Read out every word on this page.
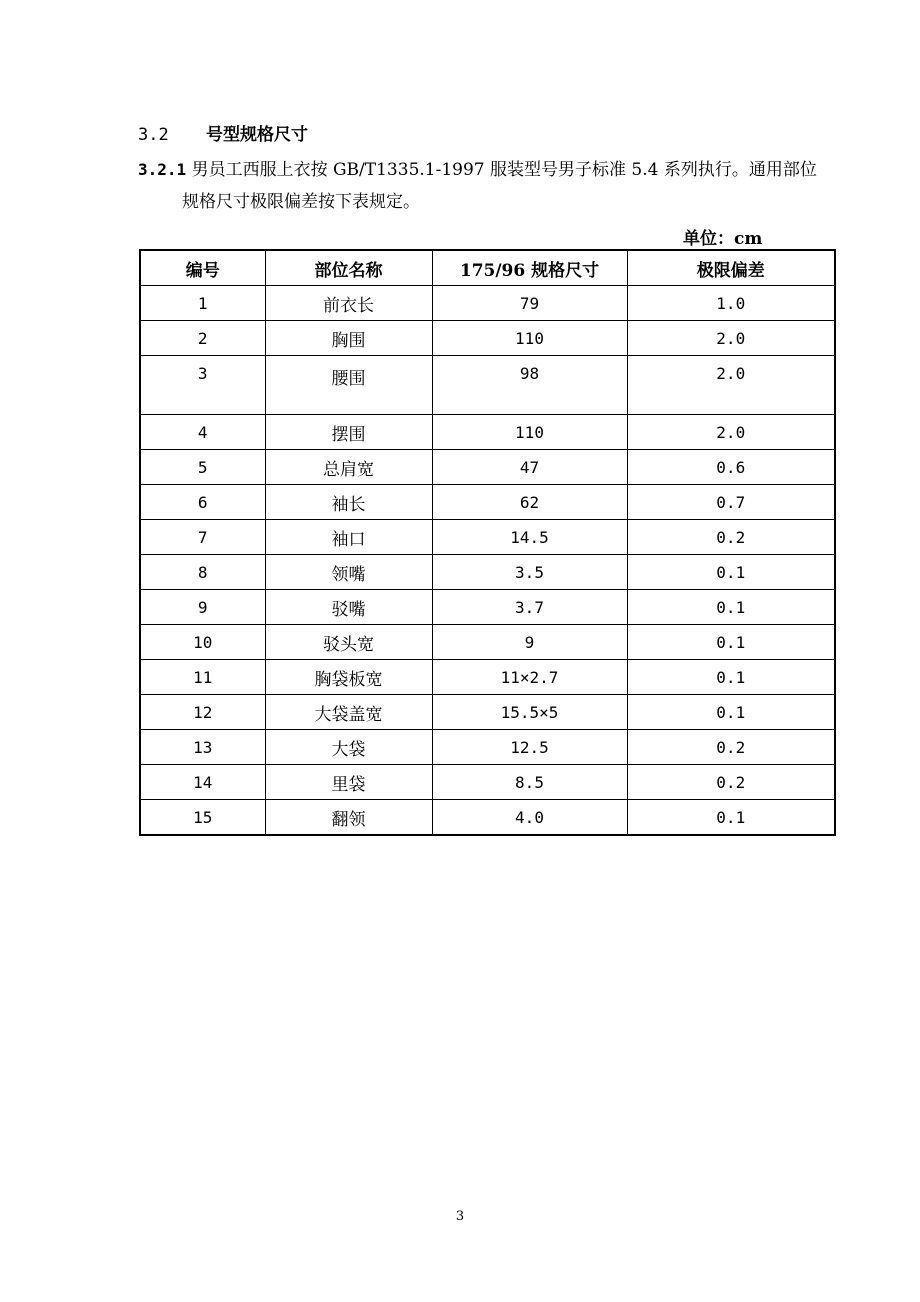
3.2 号型规格尺寸
3.2.1 男员工西服上衣按 GB/T1335.1-1997 服装型号男子标准 5.4 系列执行。通用部位
规格尺寸极限偏差按下表规定。
单位：cm
编号	部位名称	175/96 规格尺寸	极限偏差
1	前衣长	79	1.0
2	胸围	110	2.0
3	腰围	98	2.0
4	摆围	110	2.0
5	总肩宽	47	0.6
6	袖长	62	0.7
7	袖口	14.5	0.2
8	领嘴	3.5	0.1
9	驳嘴	3.7	0.1
10	驳头宽	9	0.1
11	胸袋板宽	11×2.7	0.1
12	大袋盖宽	15.5×5	0.1
13	大袋	12.5	0.2
14	里袋	8.5	0.2
15	翻领	4.0	0.1
3
